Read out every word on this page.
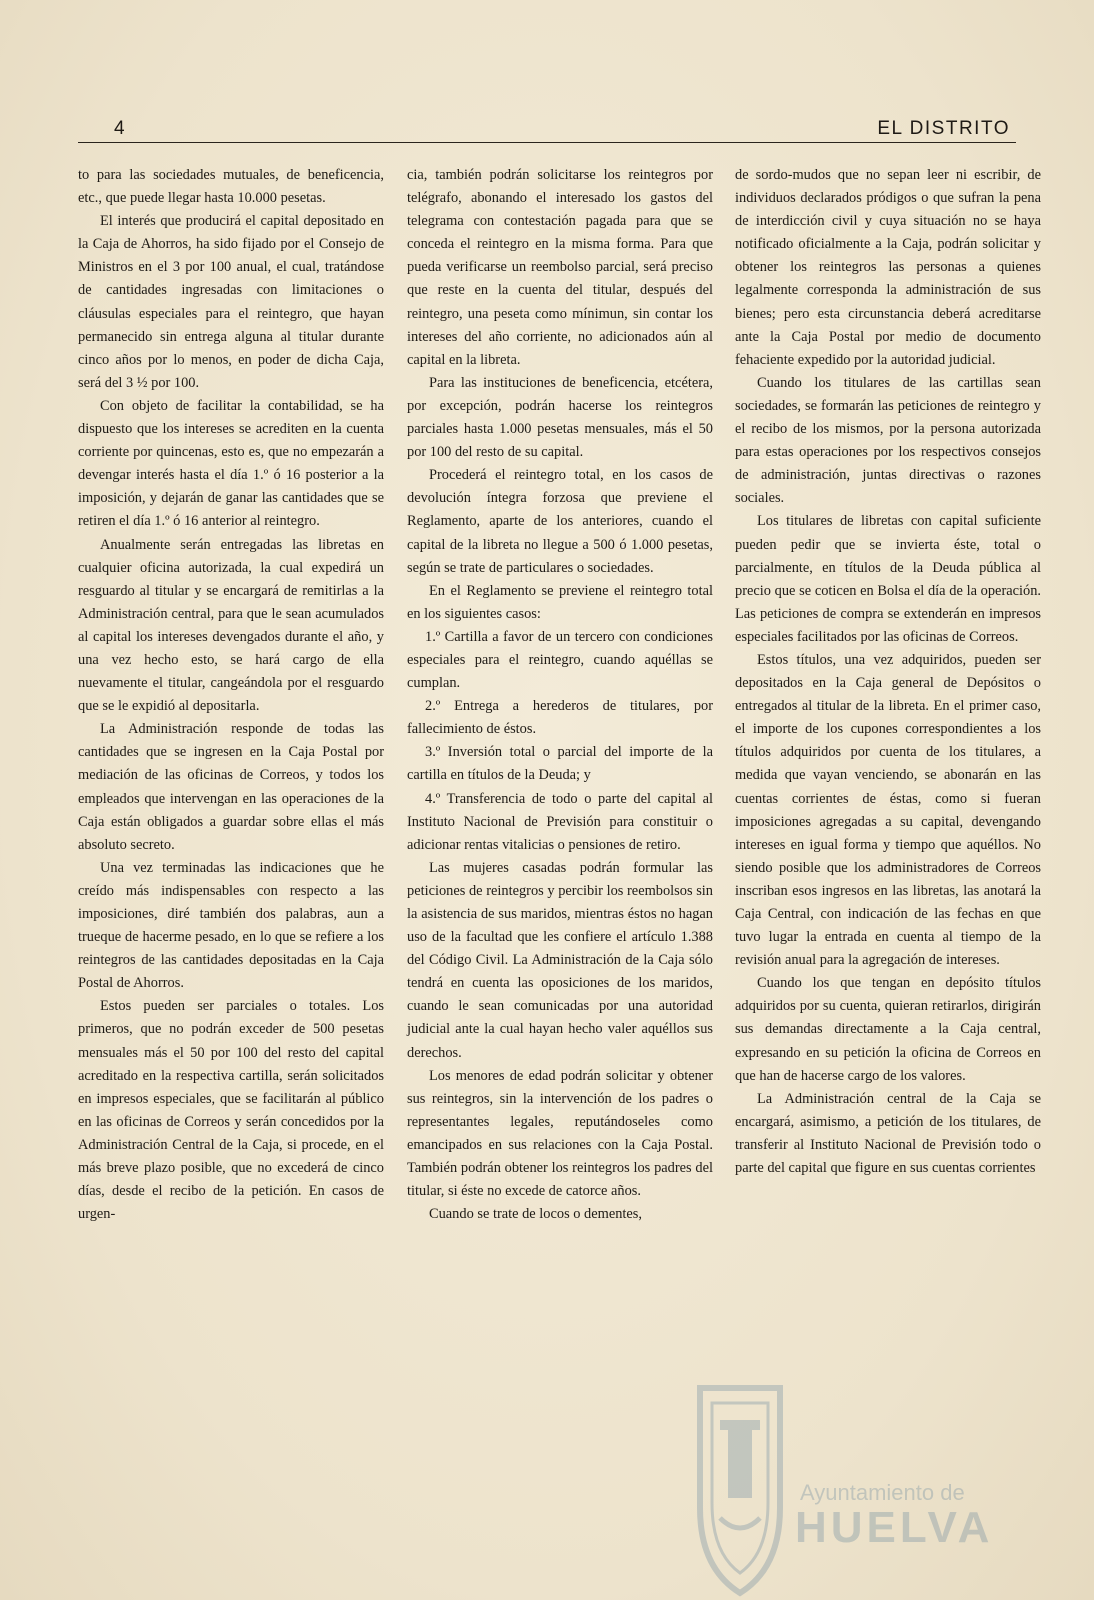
4	EL DISTRITO

to para las sociedades mutuales, de beneficencia, etc., que puede llegar hasta 10.000 pesetas.

El interés que producirá el capital depositado en la Caja de Ahorros, ha sido fijado por el Consejo de Ministros en el 3 por 100 anual, el cual, tratándose de cantidades ingresadas con limitaciones o cláusulas especiales para el reintegro, que hayan permanecido sin entrega alguna al titular durante cinco años por lo menos, en poder de dicha Caja, será del 3 ½ por 100.

Con objeto de facilitar la contabilidad, se ha dispuesto que los intereses se acrediten en la cuenta corriente por quincenas, esto es, que no empezarán a devengar interés hasta el día 1.º ó 16 posterior a la imposición, y dejarán de ganar las cantidades que se retiren el día 1.º ó 16 anterior al reintegro.

Anualmente serán entregadas las libretas en cualquier oficina autorizada, la cual expedirá un resguardo al titular y se encargará de remitirlas a la Administración central, para que le sean acumulados al capital los intereses devengados durante el año, y una vez hecho esto, se hará cargo de ella nuevamente el titular, cangeándola por el resguardo que se le expidió al depositarla.

La Administración responde de todas las cantidades que se ingresen en la Caja Postal por mediación de las oficinas de Correos, y todos los empleados que intervengan en las operaciones de la Caja están obligados a guardar sobre ellas el más absoluto secreto.

Una vez terminadas las indicaciones que he creído más indispensables con respecto a las imposiciones, diré también dos palabras, aun a trueque de hacerme pesado, en lo que se refiere a los reintegros de las cantidades depositadas en la Caja Postal de Ahorros.

Estos pueden ser parciales o totales. Los primeros, que no podrán exceder de 500 pesetas mensuales más el 50 por 100 del resto del capital acreditado en la respectiva cartilla, serán solicitados en impresos especiales, que se facilitarán al público en las oficinas de Correos y serán concedidos por la Administración Central de la Caja, si procede, en el más breve plazo posible, que no excederá de cinco días, desde el recibo de la petición. En casos de urgen-

cia, también podrán solicitarse los reintegros por telégrafo, abonando el interesado los gastos del telegrama con contestación pagada para que se conceda el reintegro en la misma forma. Para que pueda verificarse un reembolso parcial, será preciso que reste en la cuenta del titular, después del reintegro, una peseta como mínimun, sin contar los intereses del año corriente, no adicionados aún al capital en la libreta.

Para las instituciones de beneficencia, etcétera, por excepción, podrán hacerse los reintegros parciales hasta 1.000 pesetas mensuales, más el 50 por 100 del resto de su capital.

Procederá el reintegro total, en los casos de devolución íntegra forzosa que previene el Reglamento, aparte de los anteriores, cuando el capital de la libreta no llegue a 500 ó 1.000 pesetas, según se trate de particulares o sociedades.

En el Reglamento se previene el reintegro total en los siguientes casos:

1.º Cartilla a favor de un tercero con condiciones especiales para el reintegro, cuando aquéllas se cumplan.

2.º Entrega a herederos de titulares, por fallecimiento de éstos.

3.º Inversión total o parcial del importe de la cartilla en títulos de la Deuda; y

4.º Transferencia de todo o parte del capital al Instituto Nacional de Previsión para constituir o adicionar rentas vitalicias o pensiones de retiro.

Las mujeres casadas podrán formular las peticiones de reintegros y percibir los reembolsos sin la asistencia de sus maridos, mientras éstos no hagan uso de la facultad que les confiere el artículo 1.388 del Código Civil. La Administración de la Caja sólo tendrá en cuenta las oposiciones de los maridos, cuando le sean comunicadas por una autoridad judicial ante la cual hayan hecho valer aquéllos sus derechos.

Los menores de edad podrán solicitar y obtener sus reintegros, sin la intervención de los padres o representantes legales, reputándoseles como emancipados en sus relaciones con la Caja Postal. También podrán obtener los reintegros los padres del titular, si éste no excede de catorce años.

Cuando se trate de locos o dementes,

de sordo-mudos que no sepan leer ni escribir, de individuos declarados pródigos o que sufran la pena de interdicción civil y cuya situación no se haya notificado oficialmente a la Caja, podrán solicitar y obtener los reintegros las personas a quienes legalmente corresponda la administración de sus bienes; pero esta circunstancia deberá acreditarse ante la Caja Postal por medio de documento fehaciente expedido por la autoridad judicial.

Cuando los titulares de las cartillas sean sociedades, se formarán las peticiones de reintegro y el recibo de los mismos, por la persona autorizada para estas operaciones por los respectivos consejos de administración, juntas directivas o razones sociales.

Los titulares de libretas con capital suficiente pueden pedir que se invierta éste, total o parcialmente, en títulos de la Deuda pública al precio que se coticen en Bolsa el día de la operación. Las peticiones de compra se extenderán en impresos especiales facilitados por las oficinas de Correos.

Estos títulos, una vez adquiridos, pueden ser depositados en la Caja general de Depósitos o entregados al titular de la libreta. En el primer caso, el importe de los cupones correspondientes a los títulos adquiridos por cuenta de los titulares, a medida que vayan venciendo, se abonarán en las cuentas corrientes de éstas, como si fueran imposiciones agregadas a su capital, devengando intereses en igual forma y tiempo que aquéllos. No siendo posible que los administradores de Correos inscriban esos ingresos en las libretas, las anotará la Caja Central, con indicación de las fechas en que tuvo lugar la entrada en cuenta al tiempo de la revisión anual para la agregación de intereses.

Cuando los que tengan en depósito títulos adquiridos por su cuenta, quieran retirarlos, dirigirán sus demandas directamente a la Caja central, expresando en su petición la oficina de Correos en que han de hacerse cargo de los valores.

La Administración central de la Caja se encargará, asimismo, a petición de los titulares, de transferir al Instituto Nacional de Previsión todo o parte del capital que figure en sus cuentas corrientes

Ayuntamiento de
HUELVA
